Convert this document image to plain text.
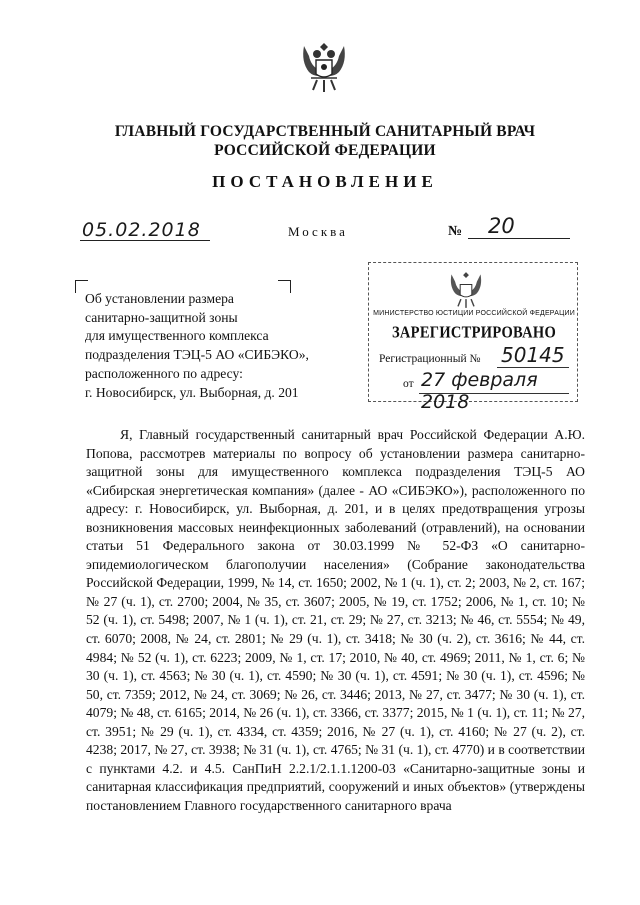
ГЛАВНЫЙ ГОСУДАРСТВЕННЫЙ САНИТАРНЫЙ ВРАЧ
РОССИЙСКОЙ ФЕДЕРАЦИИ
ПОСТАНОВЛЕНИЕ
05.02.2018	Москва	№ 20
Об установлении размера
санитарно-защитной зоны
для имущественного комплекса
подразделения ТЭЦ-5 АО «СИБЭКО»,
расположенного по адресу:
г. Новосибирск, ул. Выборная, д. 201
МИНИСТЕРСТВО ЮСТИЦИИ РОССИЙСКОЙ ФЕДЕРАЦИИ
ЗАРЕГИСТРИРОВАНО
Регистрационный № 50145
от 27 февраля 2018
Я, Главный государственный санитарный врач Российской Федерации А.Ю. Попова, рассмотрев материалы по вопросу об установлении размера санитарно-защитной зоны для имущественного комплекса подразделения ТЭЦ-5 АО «Сибирская энергетическая компания» (далее - АО «СИБЭКО»), расположенного по адресу: г. Новосибирск, ул. Выборная, д. 201, и в целях предотвращения угрозы возникновения массовых неинфекционных заболеваний (отравлений), на основании статьи 51 Федерального закона от 30.03.1999 № 52-ФЗ «О санитарно-эпидемиологическом благополучии населения» (Собрание законодательства Российской Федерации, 1999, № 14, ст. 1650; 2002, № 1 (ч. 1), ст. 2; 2003, № 2, ст. 167; № 27 (ч. 1), ст. 2700; 2004, № 35, ст. 3607; 2005, № 19, ст. 1752; 2006, № 1, ст. 10; № 52 (ч. 1), ст. 5498; 2007, № 1 (ч. 1), ст. 21, ст. 29; № 27, ст. 3213; № 46, ст. 5554; № 49, ст. 6070; 2008, № 24, ст. 2801; № 29 (ч. 1), ст. 3418; № 30 (ч. 2), ст. 3616; № 44, ст. 4984; № 52 (ч. 1), ст. 6223; 2009, № 1, ст. 17; 2010, № 40, ст. 4969; 2011, № 1, ст. 6; № 30 (ч. 1), ст. 4563; № 30 (ч. 1), ст. 4590; № 30 (ч. 1), ст. 4591; № 30 (ч. 1), ст. 4596; № 50, ст. 7359; 2012, № 24, ст. 3069; № 26, ст. 3446; 2013, № 27, ст. 3477; № 30 (ч. 1), ст. 4079; № 48, ст. 6165; 2014, № 26 (ч. 1), ст. 3366, ст. 3377; 2015, № 1 (ч. 1), ст. 11; № 27, ст. 3951; № 29 (ч. 1), ст. 4334, ст. 4359; 2016, № 27 (ч. 1), ст. 4160; № 27 (ч. 2), ст. 4238; 2017, № 27, ст. 3938; № 31 (ч. 1), ст. 4765; № 31 (ч. 1), ст. 4770) и в соответствии с пунктами 4.2. и 4.5. СанПиН 2.2.1/2.1.1.1200-03 «Санитарно-защитные зоны и санитарная классификация предприятий, сооружений и иных объектов» (утверждены постановлением Главного государственного санитарного врача
